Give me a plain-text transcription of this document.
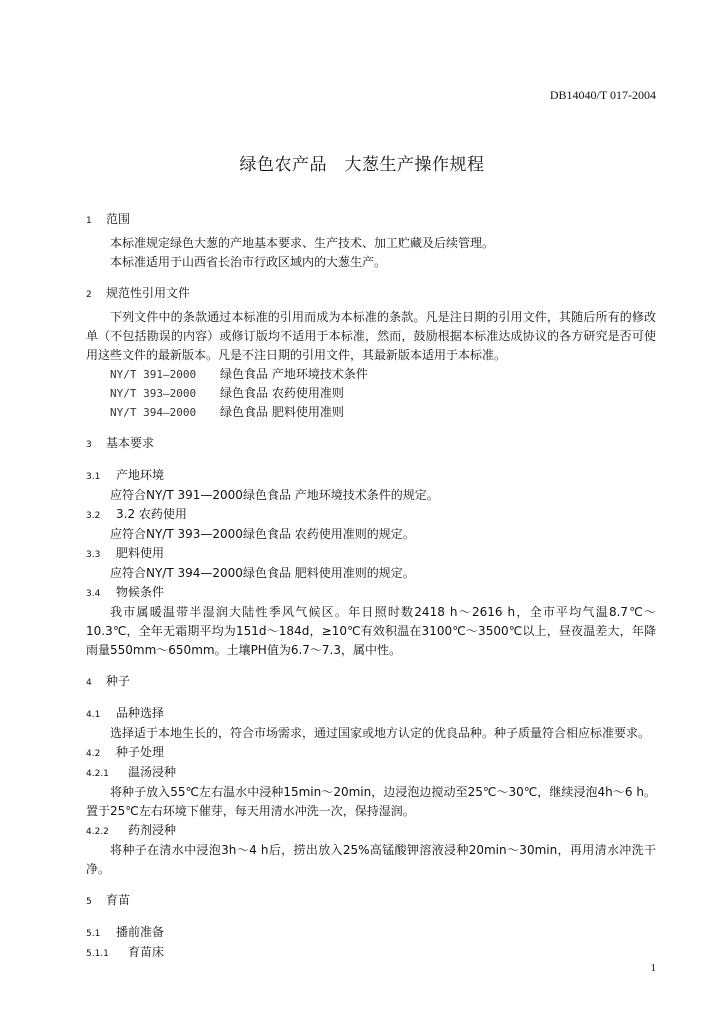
DB14040/T 017-2004
绿色农产品　大葱生产操作规程

1 范围

本标准规定绿色大葱的产地基本要求、生产技术、加工贮藏及后续管理。

本标准适用于山西省长治市行政区域内的大葱生产。

2 规范性引用文件

下列文件中的条款通过本标准的引用而成为本标准的条款。凡是注日期的引用文件，其随后所有的修改单（不包括勘误的内容）或修订版均不适用于本标准，然而，鼓励根据本标准达成协议的各方研究是否可使用这些文件的最新版本。凡是不注日期的引用文件，其最新版本适用于本标准。

NY/T 391—2000	绿色食品 产地环境技术条件
NY/T 393—2000	绿色食品 农药使用准则
NY/T 394—2000	绿色食品 肥料使用准则

3 基本要求

3.1 产地环境

应符合NY/T 391—2000绿色食品 产地环境技术条件的规定。

3.2 3.2 农药使用

应符合NY/T 393—2000绿色食品 农药使用准则的规定。

3.3 肥料使用

应符合NY/T 394—2000绿色食品 肥料使用准则的规定。

3.4 物候条件

我市属暖温带半湿润大陆性季风气候区。年日照时数2418 h～2616 h，全市平均气温8.7℃～10.3℃，全年无霜期平均为151d～184d，≥10℃有效积温在3100℃～3500℃以上，昼夜温差大，年降雨量550mm～650mm。土壤PH值为6.7～7.3，属中性。

4 种子

4.1 品种选择

选择适于本地生长的，符合市场需求，通过国家或地方认定的优良品种。种子质量符合相应标准要求。

4.2 种子处理

4.2.1 温汤浸种

将种子放入55℃左右温水中浸种15min～20min，边浸泡边搅动至25℃～30℃，继续浸泡4h～6 h。置于25℃左右环境下催芽，每天用清水冲洗一次，保持湿润。

4.2.2 药剂浸种

将种子在清水中浸泡3h～4 h后，捞出放入25%高锰酸钾溶液浸种20min～30min，再用清水冲洗干净。

5 育苗

5.1 播前准备

5.1.1 育苗床

1
